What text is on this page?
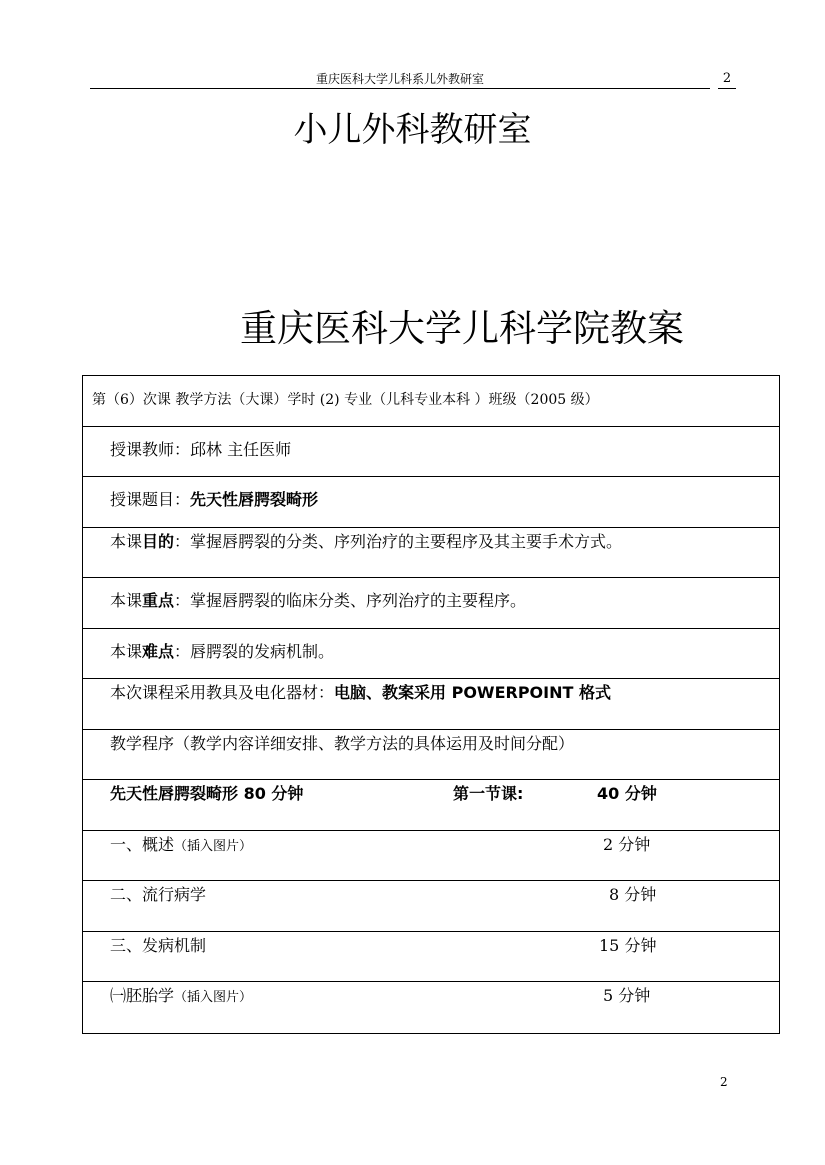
重庆医科大学儿科系儿外教研室	2
小儿外科教研室
重庆医科大学儿科学院教案
第（6）次课 教学方法（大课）学时 (2) 专业（儿科专业本科 ）班级（2005 级）
授课教师：邱林 主任医师
授课题目：先天性唇腭裂畸形
本课目的：掌握唇腭裂的分类、序列治疗的主要程序及其主要手术方式。
本课重点：掌握唇腭裂的临床分类、序列治疗的主要程序。
本课难点：唇腭裂的发病机制。
本次课程采用教具及电化器材：电脑、教案采用 POWERPOINT 格式
教学程序（教学内容详细安排、教学方法的具体运用及时间分配）
先天性唇腭裂畸形 80 分钟	第一节课:	40 分钟
一、概述（插入图片）	2 分钟
二、流行病学	8 分钟
三、发病机制	15 分钟
㈠胚胎学（插入图片）	5 分钟
2
